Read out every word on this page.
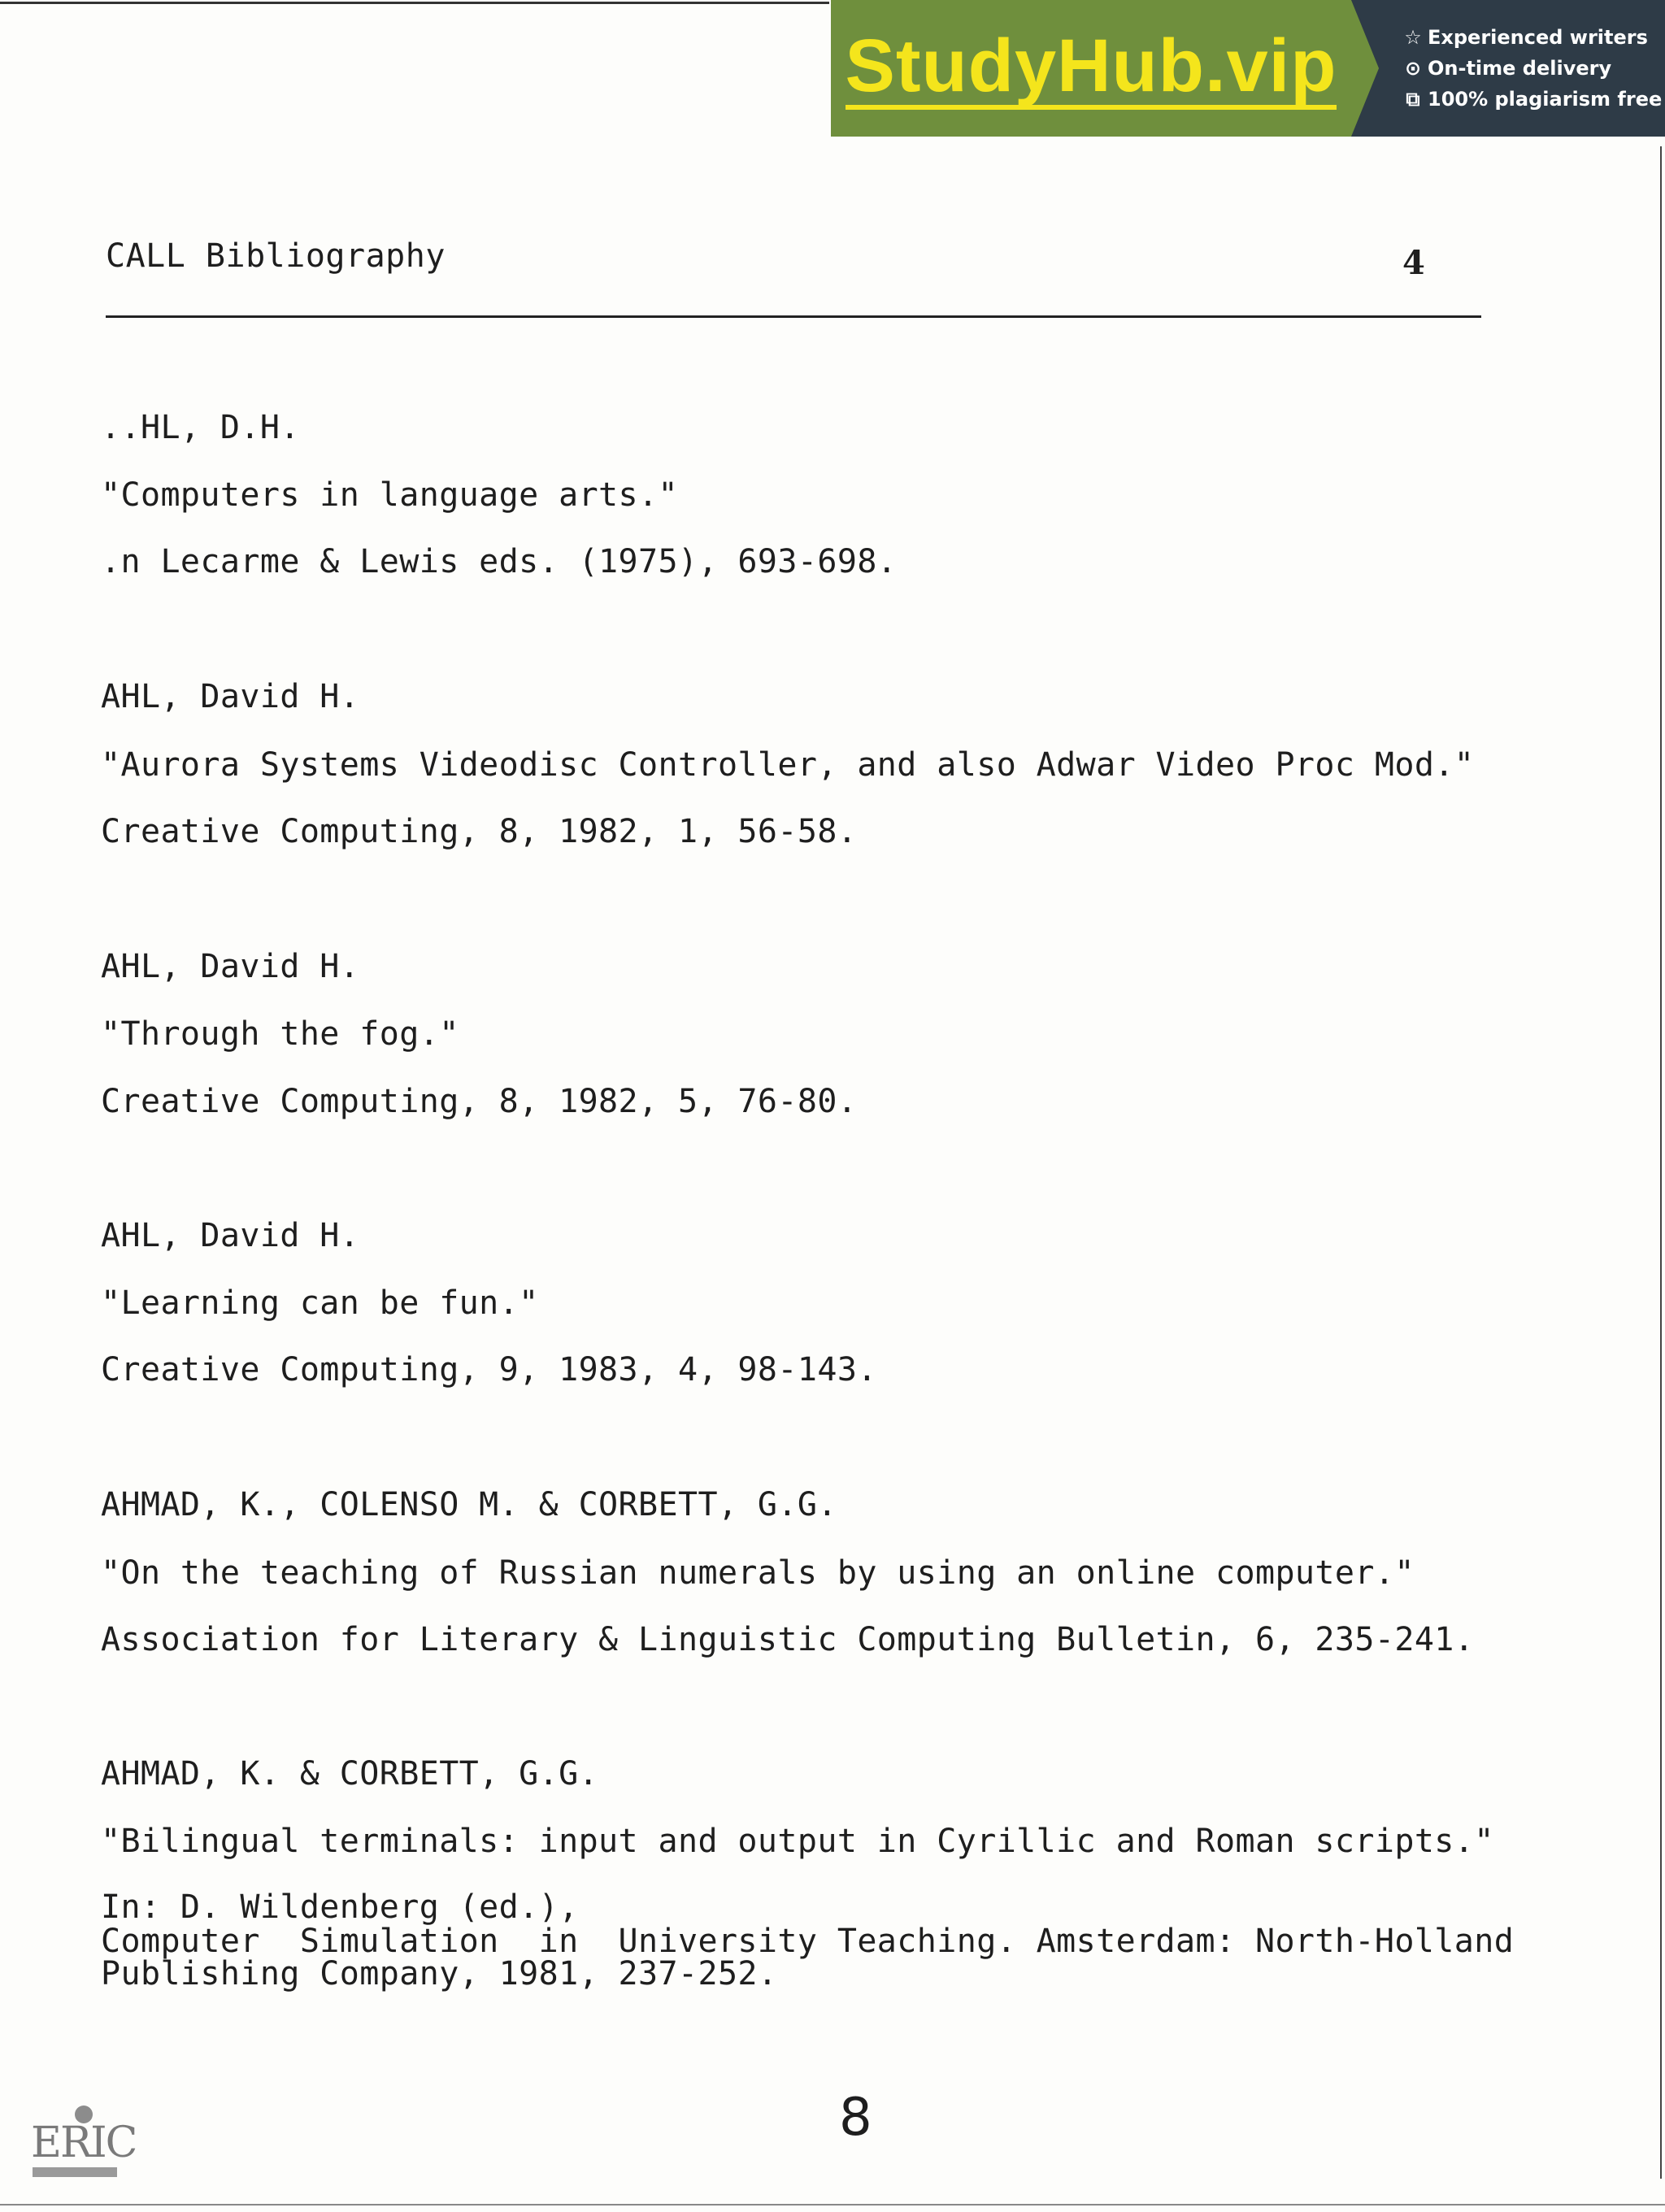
StudyHub.vip	☆ Experienced writers
⊙ On-time delivery
⧉ 100% plagiarism free
CALL Bibliography	4
..HL, D.H.
"Computers in language arts."
.n Lecarme & Lewis eds. (1975), 693-698.
AHL, David H.
"Aurora Systems Videodisc Controller, and also Adwar Video Proc Mod."
Creative Computing, 8, 1982, 1, 56-58.
AHL, David H.
"Through the fog."
Creative Computing, 8, 1982, 5, 76-80.
AHL, David H.
"Learning can be fun."
Creative Computing, 9, 1983, 4, 98-143.
AHMAD, K., COLENSO M. & CORBETT, G.G.
"On the teaching of Russian numerals by using an online computer."
Association for Literary & Linguistic Computing Bulletin, 6, 235-241.
AHMAD, K. & CORBETT, G.G.
"Bilingual terminals: input and output in Cyrillic and Roman scripts."
In: D. Wildenberg (ed.),
Computer  Simulation  in  University Teaching. Amsterdam: North-Holland
Publishing Company, 1981, 237-252.
8
ERIC
